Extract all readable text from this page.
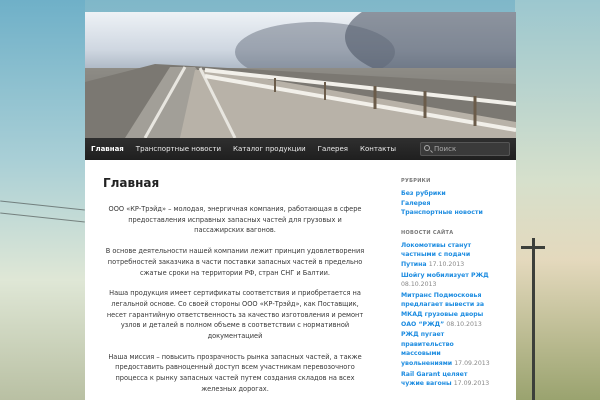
Главная	Транспортные новости	Каталог продукции	Галерея	Контакты	Поиск
Главная

ООО «КР-Трэйд» – молодая, энергичная компания, работающая в сфере предоставления исправных запасных частей для грузовых и пассажирских вагонов.

В основе деятельности нашей компании лежит принцип удовлетворения потребностей заказчика в части поставки запасных частей в предельно сжатые сроки на территории РФ, стран СНГ и Балтии.

Наша продукция имеет сертификаты соответствия и приобретается на легальной основе. Со своей стороны ООО «КР-Трэйд», как Поставщик, несет гарантийную ответственность за качество изготовления и ремонт узлов и деталей в полном объеме в соответствии с нормативной документацией

Наша миссия – повысить прозрачность рынка запасных частей, а также предоставить равноценный доступ всем участникам перевозочного процесса к рынку запасных частей путем создания складов на всех железных дорогах.

РУБРИКИ
Без рубрики
Галерея
Транспортные новости
НОВОСТИ САЙТА
Локомотивы станут
частными с подачи
Путина 17.10.2013
Шойгу мобилизует РЖД
08.10.2013
Митранс Подмосковья
предлагает вывести за
МКАД грузовые дворы
ОАО “РЖД” 08.10.2013
РЖД пугает
правительство
массовыми
увольнениями 17.09.2013
Rail Garant целяет
чужие вагоны 17.09.2013
